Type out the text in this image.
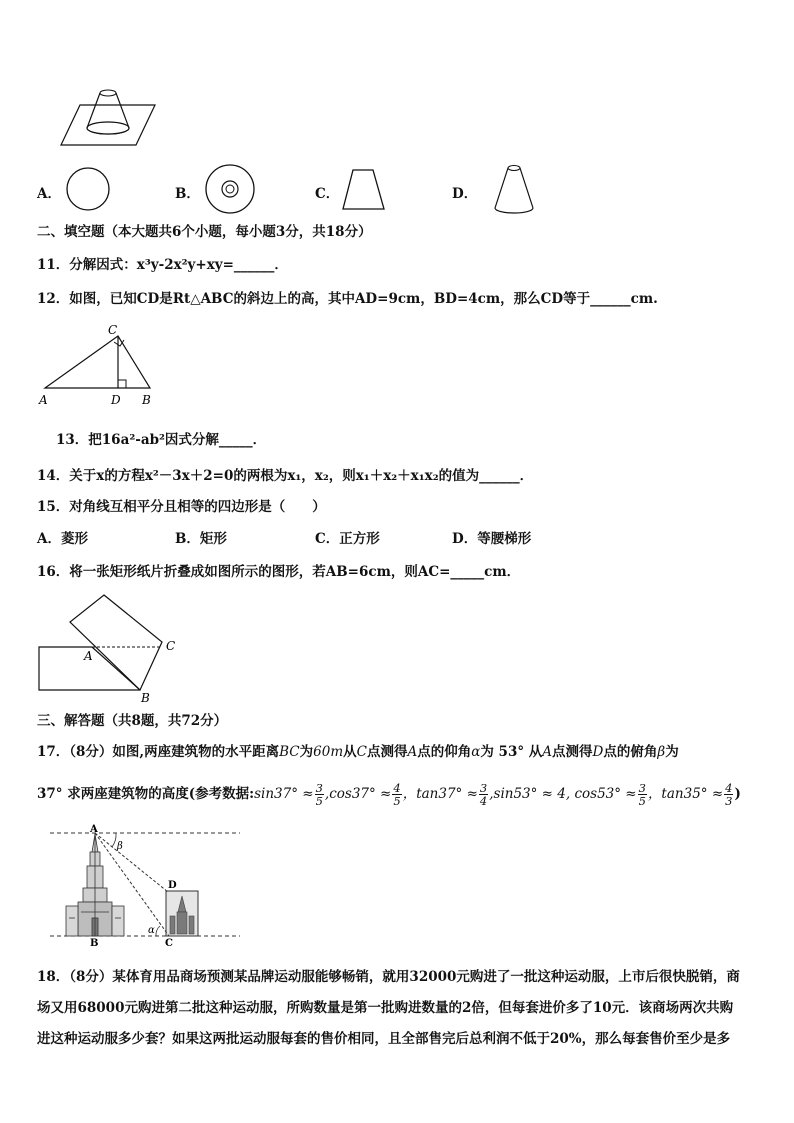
A．	B．	C．	D．
二、填空题（本大题共6个小题，每小题3分，共18分）
11．分解因式：x³y-2x²y+xy=______．
12．如图，已知CD是Rt△ABC的斜边上的高，其中AD=9cm，BD=4cm，那么CD等于______cm.
C
A	D B
13．把16a²-ab²因式分解_____．
14．关于x的方程x²－3x＋2=0的两根为x₁，x₂，则x₁＋x₂＋x₁x₂的值为______．
15．对角线互相平分且相等的四边形是（　　）
A．菱形	B．矩形	C．正方形	D．等腰梯形
16．将一张矩形纸片折叠成如图所示的图形，若AB=6cm，则AC=_____cm．
A
C
B
三、解答题（共8题，共72分）
17．（8分）如图,两座建筑物的水平距离BC为60m从C点测得A点的仰角α为 53° 从A点测得D点的俯角β为
37° 求两座建筑物的高度(参考数据:sin37° ≈ $\frac{3}{5} ,\cos 37^\circ \approx \frac{4}{5}$ ，$\tan 37^\circ \approx \frac{3}{4} ,\sin 53^\circ \approx 4$, $\cos 53^\circ \approx \frac{3}{5}$ ，$\tan 35^\circ \approx \frac{4}{3}$ )
A
β
D
α
B	C
18．（8分）某体育用品商场预测某品牌运动服能够畅销，就用32000元购进了一批这种运动服，上市后很快脱销，商
场又用68000元购进第二批这种运动服，所购数量是第一批购进数量的2倍，但每套进价多了10元．该商场两次共购
进这种运动服多少套？如果这两批运动服每套的售价相同，且全部售完后总利润不低于20%，那么每套售价至少是多
